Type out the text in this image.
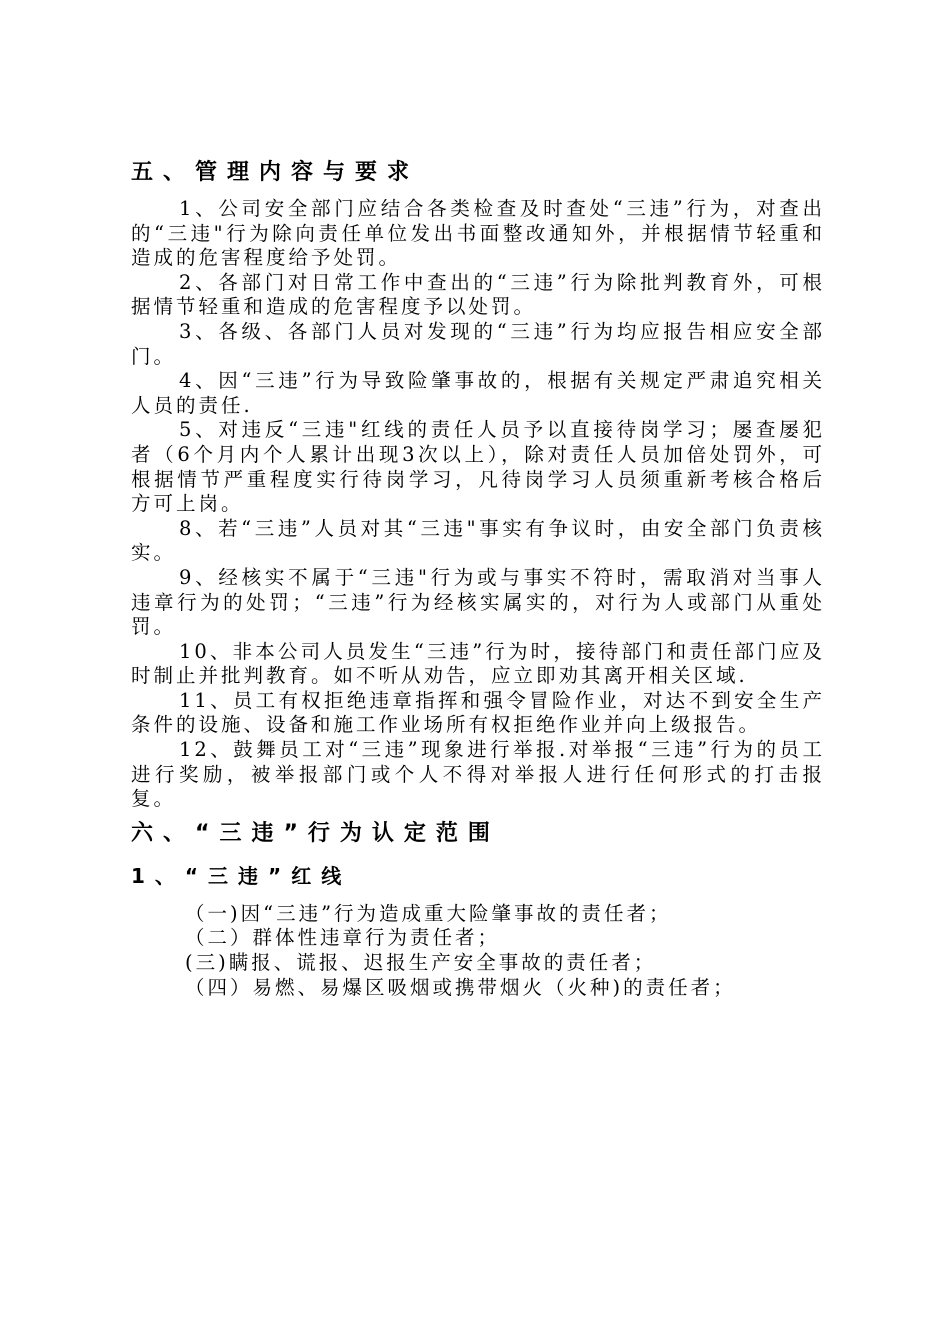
五、管理内容与要求

1、公司安全部门应结合各类检查及时查处“三违”行为，对查出的“三违"行为除向责任单位发出书面整改通知外，并根据情节轻重和造成的危害程度给予处罚。

2、各部门对日常工作中查出的“三违”行为除批判教育外，可根据情节轻重和造成的危害程度予以处罚。

3、各级、各部门人员对发现的“三违”行为均应报告相应安全部门。

4、因“三违”行为导致险肇事故的，根据有关规定严肃追究相关人员的责任.

5、对违反“三违"红线的责任人员予以直接待岗学习；屡查屡犯者（6个月内个人累计出现3次以上），除对责任人员加倍处罚外，可根据情节严重程度实行待岗学习，凡待岗学习人员须重新考核合格后方可上岗。

8、若“三违”人员对其“三违"事实有争议时，由安全部门负责核实。

9、经核实不属于“三违"行为或与事实不符时，需取消对当事人违章行为的处罚；“三违”行为经核实属实的，对行为人或部门从重处罚。

10、非本公司人员发生“三违”行为时，接待部门和责任部门应及时制止并批判教育。如不听从劝告，应立即劝其离开相关区域.

11、员工有权拒绝违章指挥和强令冒险作业，对达不到安全生产条件的设施、设备和施工作业场所有权拒绝作业并向上级报告。

12、鼓舞员工对“三违”现象进行举报.对举报“三违”行为的员工进行奖励，被举报部门或个人不得对举报人进行任何形式的打击报复。

六、“三违”行为认定范围
1、“三违”红线

（一)因“三违”行为造成重大险肇事故的责任者；

（二）群体性违章行为责任者；

(三)瞒报、谎报、迟报生产安全事故的责任者；

（四）易燃、易爆区吸烟或携带烟火（火种)的责任者；
